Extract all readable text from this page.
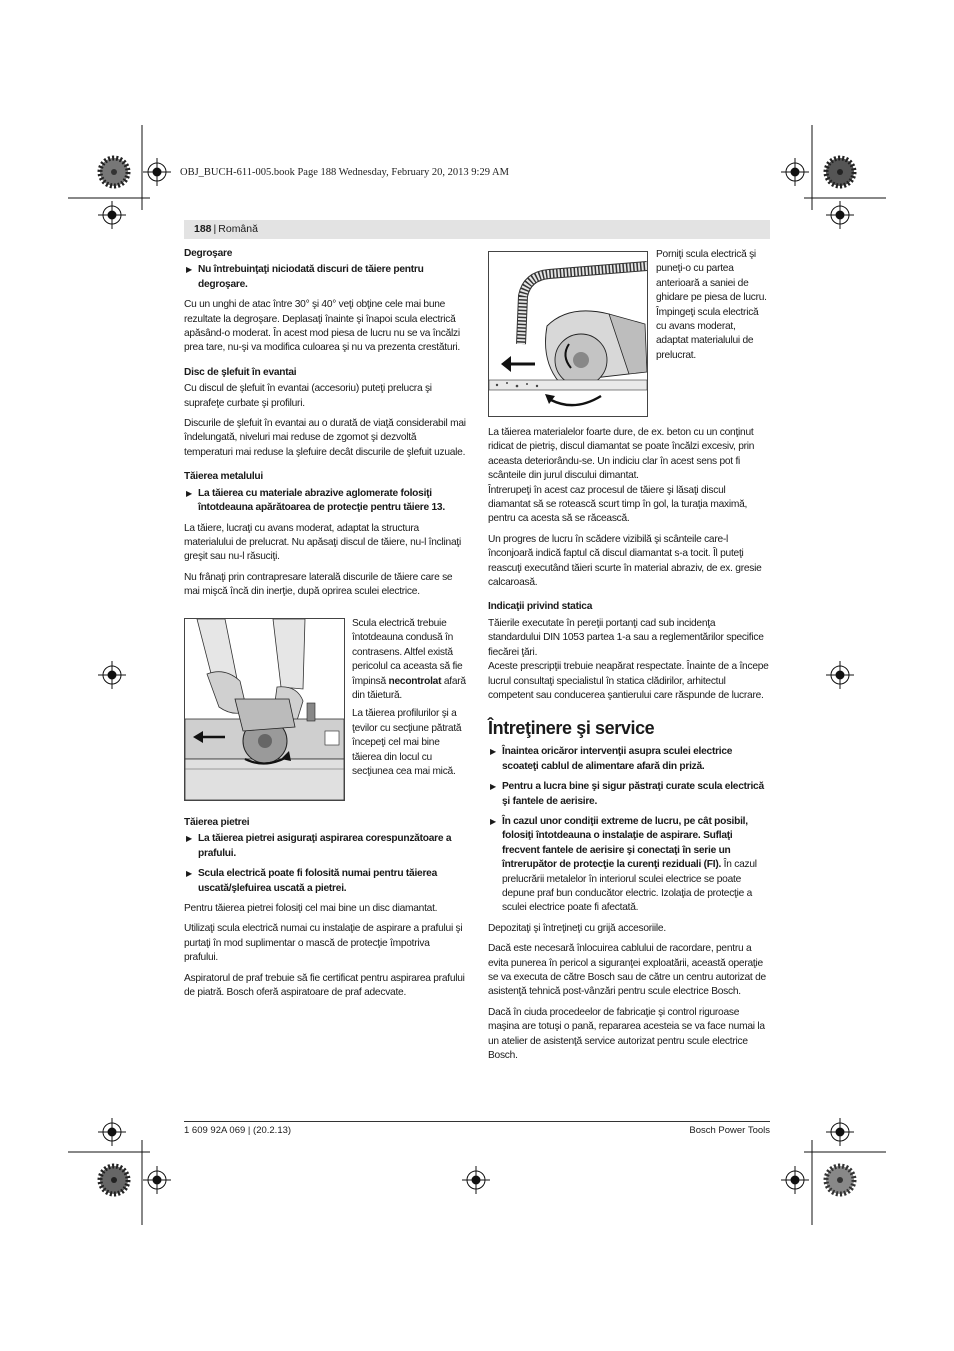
OBJ_BUCH-611-005.book Page 188 Wednesday, February 20, 2013 9:29 AM
188 | Română
Degroşare
▶ Nu întrebuinţaţi niciodată discuri de tăiere pentru degroşare.

Cu un unghi de atac între 30° şi 40° veţi obţine cele mai bune rezultate la degroşare. Deplasaţi înainte şi înapoi scula electrică apăsând-o moderat. În acest mod piesa de lucru nu se va încălzi prea tare, nu-şi va modifica culoarea şi nu va prezenta crestături.

Disc de şlefuit în evantai

Cu discul de şlefuit în evantai (accesoriu) puteţi prelucra şi suprafeţe curbate şi profiluri.

Discurile de şlefuit în evantai au o durată de viaţă considerabil mai îndelungată, niveluri mai reduse de zgomot şi dezvoltă temperaturi mai reduse la şlefuire decât discurile de şlefuit uzuale.

Tăierea metalului
▶ La tăierea cu materiale abrazive aglomerate folosiţi întotdeauna apărătoarea de protecţie pentru tăiere 13.

La tăiere, lucraţi cu avans moderat, adaptat la structura materialului de prelucrat. Nu apăsaţi discul de tăiere, nu-l înclinaţi greşit sau nu-l răsuciţi.

Nu frânaţi prin contrapresare laterală discurile de tăiere care se mai mişcă încă din inerţie, după oprirea sculei electrice.

Scula electrică trebuie întotdeauna condusă în contrasens. Altfel există pericolul ca aceasta să fie împinsă necontrolat afară din tăietură.

La tăierea profilurilor şi a ţevilor cu secţiune pătrată începeţi cel mai bine tăierea din locul cu secţiunea cea mai mică.

Tăierea pietrei
▶ La tăierea pietrei asiguraţi aspirarea corespunzătoare a prafului.
▶ Scula electrică poate fi folosită numai pentru tăierea uscată/şlefuirea uscată a pietrei.

Pentru tăierea pietrei folosiţi cel mai bine un disc diamantat.

Utilizaţi scula electrică numai cu instalaţie de aspirare a prafului şi purtaţi în mod suplimentar o mască de protecţie împotriva prafului.

Aspiratorul de praf trebuie să fie certificat pentru aspirarea prafului de piatră. Bosch oferă aspiratoare de praf adecvate.

Porniţi scula electrică şi puneţi-o cu partea anterioară a saniei de ghidare pe piesa de lucru. Împingeţi scula electrică cu avans moderat, adaptat materialului de prelucrat.

La tăierea materialelor foarte dure, de ex. beton cu un conţinut ridicat de pietriş, discul diamantat se poate încălzi excesiv, prin aceasta deteriorându-se. Un indiciu clar în acest sens pot fi scânteile din jurul discului dimantat.

Întrerupeţi în acest caz procesul de tăiere şi lăsaţi discul diamantat să se rotească scurt timp în gol, la turaţia maximă, pentru ca acesta să se răcească.

Un progres de lucru în scădere vizibilă şi scânteile care-l înconjoară indică faptul că discul diamantat s-a tocit. Îl puteţi reascuţi executând tăieri scurte în material abraziv, de ex. gresie calcaroasă.

Indicaţii privind statica

Tăierile executate în pereţii portanţi cad sub incidenţa standardului DIN 1053 partea 1-a sau a reglementărilor specifice fiecărei ţări.

Aceste prescripţii trebuie neapărat respectate. Înainte de a începe lucrul consultaţi specialistul în statica clădirilor, arhitectul competent sau conducerea şantierului care răspunde de lucrare.

Întreţinere şi service
▶ Înaintea oricăror intervenţii asupra sculei electrice scoateţi cablul de alimentare afară din priză.
▶ Pentru a lucra bine şi sigur păstraţi curate scula electrică şi fantele de aerisire.
▶ În cazul unor condiţii extreme de lucru, pe cât posibil, folosiţi întotdeauna o instalaţie de aspirare. Suflaţi frecvent fantele de aerisire şi conectaţi în serie un întrerupător de protecţie la curenţi reziduali (FI). În cazul prelucrării metalelor în interiorul sculei electrice se poate depune praf bun conducător electric. Izolaţia de protecţie a sculei electrice poate fi afectată.

Depozitaţi şi întreţineţi cu grijă accesoriile.

Dacă este necesară înlocuirea cablului de racordare, pentru a evita punerea în pericol a siguranţei exploatării, această operaţie se va executa de către Bosch sau de către un centru autorizat de asistenţă tehnică post-vânzări pentru scule electrice Bosch.

Dacă în ciuda procedeelor de fabricaţie şi control riguroase maşina are totuşi o pană, repararea acesteia se va face numai la un atelier de asistenţă service autorizat pentru scule electrice Bosch.

1 609 92A 069 | (20.2.13)	Bosch Power Tools
